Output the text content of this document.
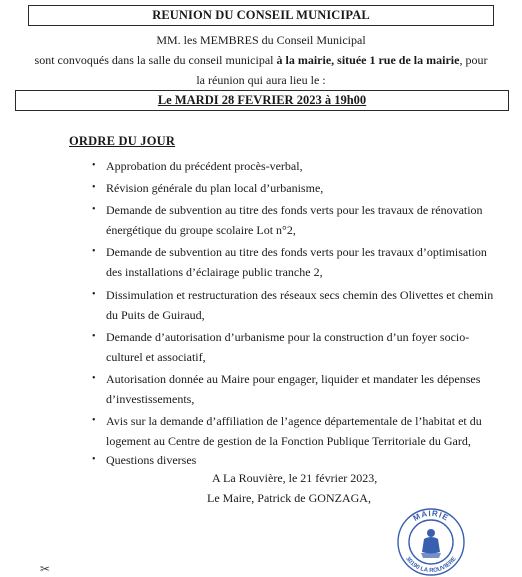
REUNION DU CONSEIL MUNICIPAL
MM. les MEMBRES du Conseil Municipal
sont convoqués dans la salle du conseil municipal à la mairie, située 1 rue de la mairie, pour
la réunion qui aura lieu le :
Le MARDI 28 FEVRIER 2023 à 19h00
ORDRE DU JOUR
• Approbation du précédent procès-verbal,
• Révision générale du plan local d’urbanisme,
• Demande de subvention au titre des fonds verts pour les travaux de rénovation
énergétique du groupe scolaire Lot n°2,
• Demande de subvention au titre des fonds verts pour les travaux d’optimisation
des installations d’éclairage public tranche 2,
• Dissimulation et restructuration des réseaux secs chemin des Olivettes et chemin
du Puits de Guiraud,
• Demande d’autorisation d’urbanisme pour la construction d’un foyer socio-
culturel et associatif,
• Autorisation donnée au Maire pour engager, liquider et mandater les dépenses
d’investissements,
• Avis sur la demande d’affiliation de l’agence départementale de l’habitat et du
logement au Centre de gestion de la Fonction Publique Territoriale du Gard,
• Questions diverses
A La Rouvière, le 21 février 2023,
Le Maire, Patrick de GONZAGA,
MAIRIE
30190 LA ROUVIERE
✂
